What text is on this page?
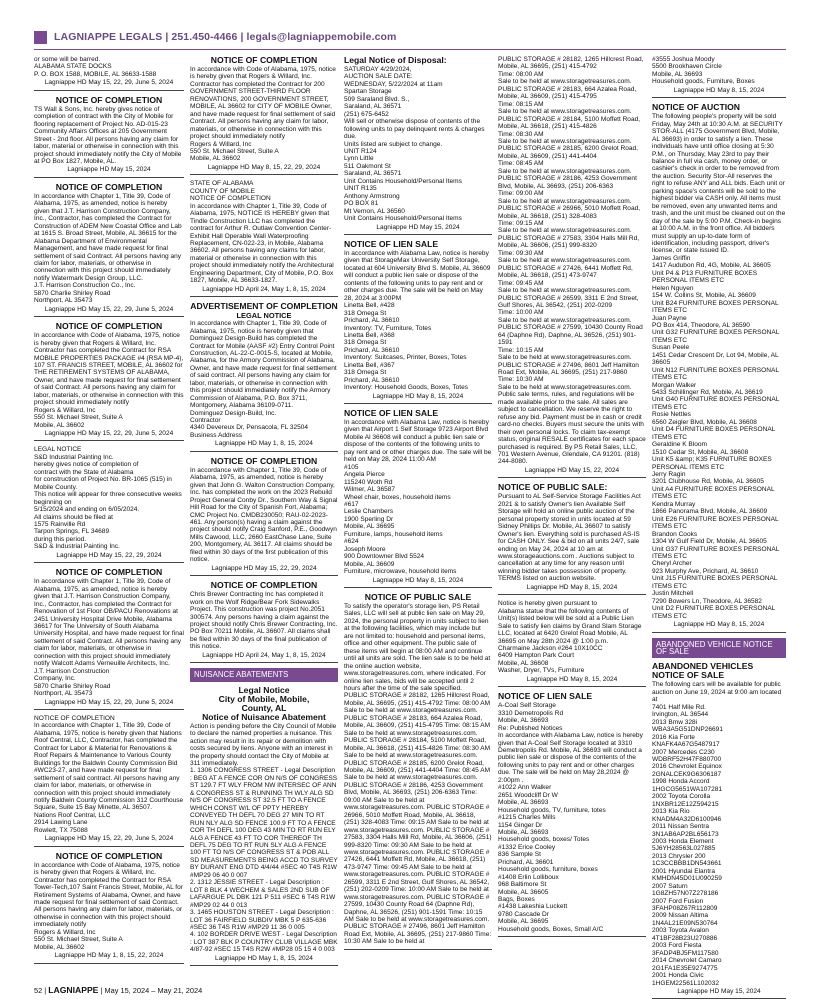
LAGNIAPPE LEGALS | 251.450-4466 | legals@lagniappemobile.com
or some will be barred.
ALABAMA STATE DOCKS
P. O. BOX 1588, MOBILE, AL 36633-1588
Lagniappe HD May 15, 22, 29, June 5, 2024
NOTICE OF COMPLETION
TS Wall & Sons, Inc. hereby gives notice of completion of contract with the City of Mobile for flooring replacement of Project No. AD-015-23 Community Affairs Offices at 205 Government Street - 2nd floor. All persons having any claim for labor, material or otherwise in connection with this project should immediately notify the City of Mobile at PO Box 1827, Mobile, AL.
Lagniappe HD May 15, 2024
NOTICE OF COMPLETION
In accordance with Chapter 1, Title 39, Code of Alabama, 1975, as amended, notice is hereby given that J.T. Harrison Construction Company, Inc., Contractor, has completed the Contract for Construction of ADEM New Coastal Office and Lab at 1615 S. Broad Street, Mobile, AL 36615 for the Alabama Department of Environmental Management, and have made request for final settlement of said Contract. All persons having any claim for labor, materials, or otherwise in connection with this project should immediately notify Watermark Design Group, LLC.
J.T. Harrison Construction Co., Inc.
5870 Charlie Shirley Road
Northport, AL 35473
Lagniappe HD May 15, 22, 29, June 5, 2024
NOTICE OF COMPLETION
In accordance with Code of Alabama, 1975, notice is hereby given that Rogers & Willard, Inc. Contractor has completed the Contract for RSA MOBILE PROPERTIES PACKAGE #4 (RSA MP-4), 107 ST. FRANCIS STREET, MOBILE, AL 36602 for THE RETIREMENT SYSTEMS OF ALABAMA, Owner, and have made request for final settlement of said Contract. All persons having any claim for labor, materials, or otherwise in connection with this project should immediately notify
Rogers & Willard, Inc
550 St. Michael Street, Suite A
Mobile, AL 36602
Lagniappe HD May 15, 22, 29, June 5, 2024
LEGAL NOTICE
S&D Industrial Painting Inc.
hereby gives notice of completion of
contract with the State of Alabama
for construction of Project No. BR-1065 (515) in Mobile County.
This notice will appear for three consecutive weeks beginning on
5/15/2024 and ending on 6/05/2024.
All claims should be filed at
1575 Rainville Rd
Tarpon Springs, FL 34689
during this period.
S&D & Industrial Painting Inc.
Lagniappe HD May 15, 22, 29, 2024
NOTICE OF COMPLETION
In accordance with Chapter 1, Title 39, Code of Alabama, 1975, as amended, notice is hereby given that J.T. Harrison Construction Company, Inc., Contractor, has completed the Contract for Renovation of 1st Floor OB/PACU Renovations at 2451 University Hospital Drive Mobile, Alabama 36617 for The University of South Alabama University Hospital, and have made request for final settlement of said Contract. All persons having any claim for labor, materials, or otherwise in connection with this project should immediately notify Walcott Adams Verneuille Architects, Inc.
J.T. Harrison Construction
Company, Inc.
5870 Charlie Shirley Road
Northport, AL 35473
Lagniappe HD May 15, 22, 29, June 5, 2024
NOTICE OF COMPLETION
In accordance with Chapter 1, Title 39, Code of Alabama, 1975, notice is hereby given that Nations Roof Central, LLC, Contractor, has completed the Contract for Labor & Material for Renovations & Roof Repairs & Maintenance to Various County Buildings for the Baldwin County Commission Bid #WC23-27, and have made request for final settlement of said contract. All persons having any claim for labor, materials, or otherwise in connection with this project should immediately notify Baldwin County Commission 312 Courthouse Square, Suite 15 Bay Minette, AL 36507.
Nations Roof Central, LLC
2914 Lawing Lane
Rowlett, TX 75088
Lagniappe HD May 15, 22, 29, June 5, 2024
NOTICE OF COMPLETION
In accordance with Code of Alabama, 1975, notice is hereby given that Rogers & Willard, Inc. Contractor has completed the Contract for RSA Tower-Tech,107 Saint Francis Street, Mobile, AL for Retirement Systems of Alabama, Owner, and have made request for final settlement of said Contract. All persons having any claim for labor, materials, or otherwise in connection with this project should immediately notify
Rogers & Willard, Inc
550 St. Michael Street, Suite A
Mobile, AL 36602
Lagniappe HD May 1, 8, 15, 22, 2024
NOTICE OF COMPLETION
In accordance with Code of Alabama, 1975, notice is hereby given that Rogers & Willard, Inc. Contractor has completed the Contract for 200 GOVERNMENT STREET-THIRD FLOOR RENOVATIONS, 200 GOVERNMENT STREET, MOBILE, AL 36602 for CITY OF MOBILE Owner, and have made request for final settlement of said Contract. All persons having any claim for labor, materials, or otherwise in connection with this project should immediately notify
Rogers & Willard, Inc
550 St. Michael Street, Suite A
Mobile, AL 36602
Lagniappe HD May 8, 15, 22, 29, 2024
STATE OF ALABAMA
COUNTY OF MOBILE
NOTICE OF COMPLETION
In accordance with Chapter 1, Title 39, Code of Alabama, 1975, NOTICE IS HEREBY given that Tindle Construction LLC has completed the contract for Arthur R. Outlaw Convention Center- Exhibit Hall Operable Wall Waterproofing Replacement, CN-022-23, in Mobile, Alabama 36602. All persons having any claims for labor, material or otherwise in connection with this project should immediately notify the Architectural Engineering Department, City of Mobile, P.O. Box 1827, Mobile, AL 36633-1827.
Lagniappe HD April 24, May 1, 8, 15, 2024
ADVERTISEMENT OF COMPLETION
LEGAL NOTICE
In accordance with Chapter 1, Title 39, Code of Alabama, 1975, notice is hereby given that Dominguez Design-Build has completed the Contract for Mobile (AASF #2) Entry Control Point Construction, AL-22-C-0015-S, located at Mobile, Alabama, for the Armory Commission of Alabama, Owner, and have made request for final settlement of said contract. All persons having any claim for labor, materials, or otherwise in connection with this project should immediately notify the Armory Commission of Alabama, P.O. Box 3711, Montgomery, Alabama 36109-0711.
Dominguez Design-Build, Inc.
Contractor
4340 Devereux Dr, Pensacola, FL 32504
Business Address
Lagniappe HD May 1, 8, 15, 2024
NOTICE OF COMPLETION
In accordance with Chapter 1, Title 39, Code of Alabama, 1975, as amended, notice is hereby given that John G. Walton Construction Company, Inc. has completed the work on the 2023 Rebuild Project General Conby Dr., Southern Way & Signal Hill Road for the City of Spanish Fort, Alabama; CMC Project No. CMDB230050; RAU-02-2023-461. Any person(s) having a claim against the project should notify Craig Sanford, P.E., Goodwyn Mills Cawood, LLC, 2660 EastChase Lane, Suite 200, Montgomery, AL 36117. All claims should be filed within 30 days of the first publication of this notice.
Lagniappe HD May 15, 22, 29, 2024
NOTICE OF COMPLETION
Chris Brewer Contracting Inc has completed it work on the Wolf Ridge/Bear Fork Sidewalks Project. This construction was project No.2051 300574. Any persons having a claim against the project should notify Chris Brewer Contracting, Inc. PO Box 70211 Mobile, AL 36607. All claims shall be filed within 30 days of the final publication of this notice.
Lagniappe HD April 24, May 1, 8, 15, 2024
NUISANCE ABATEMENTS
Legal Notice
City of Mobile, Mobile,
County, AL
Notice of Nuisance Abatement
Action is pending before the City Council of Mobile to declare the named properties a nuisance. This action may result in its repair or demolition with costs secured by liens. Anyone with an interest in the property should contact the City of Mobile at 311 immediately.
1. 1306 CONGRESS STREET - Legal Description : BEG AT A FENCE COR ON N/S OF CONGRESS ST 129.7 FT WLY FROM NW INTERSEC OF ANN & CONGRESS ST & RUNNING TH WLY ALG SD N/S OF CONGRESS ST 32.5 FT TO A FENCE WHICH CONST W/L OF PPTY HEREBY CONVEYED TH DEFL 70 DEG 27 MIN TO RT RUN NLY ALG SD FENCE 100.9 FT TO A FENCE COR TH DEFL 100 DEG 43 MIN TO RT RUN ELY ALG A FENCE 43 FT TO COR THEREOF TH DEFL 75 DEG TO RT RUN SLY ALG A FENCE 100 FT TO N/S OF CONGRESS ST & POB ALL SD MEASUREMENTS BEING ACCD TO SURVEY BY DURANT ENG DTD 4/4/44 #SEC 40 T4S R1W #MP29 06 40 0 007
2. 1312 JESSIE STREET - Legal Description : LOT 8 BLK 4 WECHEM & SALES 2ND SUB OF LAFARGUE PL DBK 121 P 511 #SEC 6 T4S R1W #MP29 02 44 0 013
3. 1465 HOUSTON STREET - Legal Description : LOT 36 FAIRFIELD SUBDIV MBK 5 P 635-636 #SEC 36 T4S R1W #MP29 11 36 0 005
4. 102 BORDER DRIVE WEST - Legal Description : LOT 387 BLK P COUNTRY CLUB VILLAGE MBK 4/87-92 #SEC 15 T4S R2W #MP28 05 15 4 0 003
Lagniappe HD May 1, 8, 15, 2024
Legal Notice of Disposal:
SATURDAY 4/29/2024,
AUCTION SALE DATE:
WEDNESDAY, 5/22/2024 at 11am
Spartan Storage
509 Saraland Blvd. S.,
Saraland, AL 36571
(251) 675-6452
Will sell or otherwise dispose of contents of the following units to pay delinquent rents & charges due.
Units listed are subject to change.
UNIT R124
Lynn Little
511 Oakmont St
Saraland, AL 36571
Unit Contains Household/Personal Items
UNIT R135
Anthony Armstrong
PO BOX 81
Mt Vernon, AL 36560
Unit Contains Household/Personal Items
Lagniappe HD May 15, 2024
NOTICE OF LIEN SALE
In accordance with Alabama Law, notice is hereby given that StorageMax University Self Storage, located at 604 University Blvd S. Mobile, AL 36609 will conduct a public lien sale or dispose of the contents of the following units to pay rent and or other charges due. The sale will be held on May 28, 2024 at 3:00PM
Linetta Bell, #428
318 Omega St
Prichard, AL 36610
Inventory: TV, Furniture, Totes
Linetta Bell, #368
318 Omega St
Prichard, AL 36610
Inventory: Suitcases, Printer, Boxes, Totes
Linetta Bell, #367
318 Omega St
Prichard, AL 36610
Inventory: Household Goods, Boxes, Totes
Lagniappe HD May 8, 15, 2024
NOTICE OF LIEN SALE
In accordance with Alabama Law, notice is hereby given that Airport 1 Self Storage 9723 Airport Blvd Mobile Al 36608 will conduct a public lien sale or dispose of the contents of the following units to pay rent and or other charges due. The sale will be held on May 28, 2024 11:00 AM
#105
Angela Pierce
115240 Woth Rd
Wilmer, AL 36587
Wheel chair, boxes, household items
#617
Leslie Chambers
1900 Sperling Dr
Mobile, AL 36695
Furniture, lamps, household items
#624
Joseph Moore
900 Downtowner Blvd 5524
Mobile, AL 36609
Furniture, microwave, household items
Lagniappe HD May 8, 15, 2024
NOTICE OF PUBLIC SALE
To satisfy the operator's storage lien, PS Retail Sales, LLC will sell at public lien sale on May 29, 2024, the personal property in units subject to lien at the following facilities, which may include but are not limited to: household and personal items, office and other equipment. The public sale of these items will begin at 08:00 AM and continue until all units are sold. The lien sale is to be held at the online auction website, www.storagetreasures.com, where indicated. For online lien sales, bids will be accepted until 2 hours after the time of the sale specified.
PUBLIC STORAGE # 28182, 1265 Hillcrest Road, Mobile, AL 36695, (251) 415-4792 Time: 08:00 AM Sale to be held at www.storagetreasures.com. PUBLIC STORAGE # 28183, 664 Azalea Road, Mobile, AL 36609, (251) 415-4795 Time: 08:15 AM Sale to be held at www.storagetreasures.com. PUBLIC STORAGE # 28184, 5100 Moffett Road, Mobile, AL 36618, (251) 415-4826 Time: 08:30 AM Sale to be held at www.storagetreasures.com. PUBLIC STORAGE # 28185, 6200 Grelot Road, Mobile, AL 36609, (251) 441-4404 Time: 08:45 AM Sale to be held at www.storagetreasures.com. PUBLIC STORAGE # 28186, 4253 Government Blvd, Mobile, AL 36693, (251) 206-6363 Time: 09:00 AM Sale to be held at www.storagetreasures.com. PUBLIC STORAGE # 26966, 5010 Moffett Road, Mobile, AL 36618, (251) 328-4083 Time: 09:15 AM Sale to be held at www.storagetreasures.com. PUBLIC STORAGE # 27583, 3304 Halls Mill Rd, Mobile, AL 36606, (251) 999-8320 Time: 09:30 AM Sale to be held at www.storagetreasures.com. PUBLIC STORAGE # 27426, 6441 Moffett Rd, Mobile, AL 36618, (251) 473-9747 Time: 09:45 AM Sale to be held at www.storagetreasures.com. PUBLIC STORAGE # 26599, 3311 E 2nd Street, Gulf Shores, AL 36542, (251) 202-0209 Time: 10:00 AM Sale to be held at www.storagetreasures.com. PUBLIC STORAGE # 27599, 10430 County Road 64 (Daphne Rd), Daphne, AL 36526, (251) 901-1591 Time: 10:15 AM Sale to be held at www.storagetreasures.com. PUBLIC STORAGE # 27496, 8601 Jeff Hamilton Road Ext, Mobile, AL 36695, (251) 217-9860 Time: 10:30 AM Sale to be held at
PUBLIC STORAGE # 28182, 1265 Hillcrest Road, Mobile, AL 36695, (251) 415-4792
Time: 08:00 AM
Sale to be held at www.storagetreasures.com.
PUBLIC STORAGE # 28183, 664 Azalea Road, Mobile, AL 36609, (251) 415-4795
Time: 08:15 AM
Sale to be held at www.storagetreasures.com.
PUBLIC STORAGE # 28184, 5100 Moffett Road, Mobile, AL 36618, (251) 415-4826
Time: 08:30 AM
Sale to be held at www.storagetreasures.com.
PUBLIC STORAGE # 28185, 6200 Grelot Road, Mobile, AL 36609, (251) 441-4404
Time: 08:45 AM
Sale to be held at www.storagetreasures.com.
PUBLIC STORAGE # 28186, 4253 Government Blvd, Mobile, AL 36693, (251) 206-6363
Time: 09:00 AM
Sale to be held at www.storagetreasures.com.
PUBLIC STORAGE # 26966, 5010 Moffett Road, Mobile, AL 36618, (251) 328-4083
Time: 09:15 AM
Sale to be held at www.storagetreasures.com.
PUBLIC STORAGE # 27583, 3304 Halls Mill Rd, Mobile, AL 36606, (251) 999-8320
Time: 09:30 AM
Sale to be held at www.storagetreasures.com.
PUBLIC STORAGE # 27426, 6441 Moffett Rd, Mobile, AL 36618, (251) 473-9747
Time: 09:45 AM
Sale to be held at www.storagetreasures.com.
PUBLIC STORAGE # 26599, 3311 E 2nd Street, Gulf Shores, AL 36542, (251) 202-0209
Time: 10:00 AM
Sale to be held at www.storagetreasures.com.
PUBLIC STORAGE # 27599, 10430 County Road 64 (Daphne Rd), Daphne, AL 36526, (251) 901-1591
Time: 10:15 AM
Sale to be held at www.storagetreasures.com.
PUBLIC STORAGE # 27496, 8601 Jeff Hamilton Road Ext, Mobile, AL 36695, (251) 217-9860
Time: 10:30 AM
Sale to be held at www.storagetreasures.com.
Public sale terms, rules, and regulations will be made available prior to the sale. All sales are subject to cancellation. We reserve the right to refuse any bid. Payment must be in cash or credit card-no checks. Buyers must secure the units with their own personal locks. To claim tax-exempt status, original RESALE certificates for each space purchased is required. By PS Retail Sales, LLC, 701 Western Avenue, Glendale, CA 91201. (818) 244-8080.
Lagniappe HD May 15, 22, 2024
NOTICE OF PUBLIC SALE:
Pursuant to AL Self-Service Storage Facilities Act 2021 & to satisfy Owner's lien Available Self Storage will hold an online public auction of the personal property stored in units located at 59 Sidney Phillips Dr. Mobile, AL 36607 to satisfy Owner's lien. Everything sold is purchased AS-IS for CASH ONLY. See & bid on all units 24/7, sale ending on May 24, 2024 at 10 am at www.storageauctions.com . Auctions subject to cancellation at any time for any reason until winning bidder takes possession of property. TERMS listed on auction website.
Lagniappe HD May 8, 15, 2024
Notice is hereby given pursuant to
Alabama statue that the following contents of Unit(s) listed below will be sold at a Public Lien Sale to satisfy lien claims by Grand Slam Storage LLC, located at 6420 Grelot Road Mobile, AL 36695 on May 28th 2024 @ 1:00 p.m.
Charmaine Jackson #264 10X10CC
6409 Hampton Park Court
Mobile, AL 36608
Washer, Dryer, TVs, Furniture
Lagniappe HD May 8, 15, 2024
NOTICE OF LIEN SALE
A-Coal Self Storage
3310 Demetropolis Rd
Mobile, AL 36693
Re: Published Notices
In accordance with Alabama Law, notice is hereby given that A-Coal Self Storage located at 3310 Demetropolis Rd. Mobile, AL 36693 will conduct a public lien sale or dispose of the contents of the following units to pay rent and or other charges due. The sale will be held on May 28,2024 @ 2:00pm .
#1022 Ann Walker
2651 Woodcliff Dr W
Mobile, AL 36693
Household goods, TV, furniture, totes
#1215 Charles Mills
1154 Ginger Dr
Mobile, AL 36693
Household goods, boxes/ Totes
#1332 Erice Cooley
836 Sample St
Prichard, AL 36601
Household goods, furniture, boxes
#1408 Erlin Lolliboux
968 Baltimore St
Mobile, AL 36605
Bags, Boxes
#1438 Lakeshia Luckett
9780 Cascade Dr
Mobile, AL 36695
Household goods, Boxes, Small A/C
#3555 Joshua Moody
5500 Brookhaven Circle
Mobile, AL 36693
Household goods, Furniture, Boxes
Lagniappe HD May 8, 15, 2024
NOTICE OF AUCTION
The following people's property will be sold Friday, May 24th at 10:30 A.M. at SECURITY STOR-ALL (4175 Government Blvd, Mobile, AL 36693) in order to satisfy a lien. These individuals have until office closing at 5:30 P.M., on Thursday, May 23rd to pay their balance in full via cash, money order, or cashier's check in order to be removed from the auction. Security Stor-All reserves the right to refuse ANY and ALL bids. Each unit or parking space's contents will be sold to the highest bidder via CASH only. All items must be removed, even any unwanted items and trash, and the unit must be cleaned out on the day of the sale by 5:00 P.M. Check-in begins at 10:00 A.M. in the front office. All bidders must supply an up-to-date form of identification, including passport, driver's license, or state issued ID.
James Griffin
1417 Audubon Rd, 4G, Mobile, AL 36605
Unit P4 & P13 FURNITURE BOXES PERSONAL ITEMS ETC
Helen Nguyen
154 W. Collins St, Mobile, AL 36609
Unit B24 FURNITURE BOXES PERSONAL ITEMS ETC
Juan Payne
PO Box 414, Theodore, AL 36590
Unit G32 FURNITURE BOXES PERSONAL ITEMS ETC
Susan Peele
1451 Cedar Crescent Dr, Lot 94, Mobile, AL 36605
Unit N12 FURNITURE BOXES PERSONAL ITEMS ETC
Morgan Walker
5433 Schillinger Rd, Mobile, AL 36619
Unit G40 FURNITURE BOXES PERSONAL ITEMS ETC
Rosie Nettles
6560 Zeigler Blvd, Mobile, AL 36608
Unit D4 FURNITURE BOXES PERSONAL ITEMS ETC
Geraldine K Bloom
1510 Cedar St, Mobile, AL 36608
Unit K5 &amp; K35 FURNITURE BOXES PERSONAL ITEMS ETC
Jerry Ragin
3201 Clubhouse Rd, Mobile, AL 36605
Unit A4 FURNITURE BOXES PERSONAL ITEMS ETC
Kendra Murray
1866 Panorama Blvd, Mobile, AL 36609
Unit E26 FURNITURE BOXES PERSONAL ITEMS ETC
Brandon Cooks
1304 W Gulf Field Dr, Mobile, AL 36605
Unit G37 FURNITURE BOXES PERSONAL ITEMS ETC
Cheryl Archer
923 Murphy Ave, Prichard, AL 36610
Unit J15 FURNITURE BOXES PERSONAL ITEMS ETC
Justin Mitchell
7290 Bowers Ln, Theodore, AL 36582
Unit D2 FURNITURE BOXES PERSONAL ITEMS ETC
Lagniappe HD May 8, 15, 2024
ABANDONED VEHICLE NOTICE OF SALE
ABANDONED VEHICLES
NOTICE OF SALE
The following cars will be available for public auction on June 19, 2024 at 9:00 am located at
7401 Half Mile Rd.
Irvington, AL 36544
2013 Bmw 328i
WBA3A5G51DNP26691
2016 Kia Forte
KNAFK4A67G5487917
2007 Mercedes C230
WDBRF52H47F880700
2016 Chevrolet Equinox
2GNALCEK9G6306187
1998 Honda Accord
1HGCG5651WA107281
2002 Toyota Corolla
1NXBR12E12Z594215
2013 Kia Rio
KNADM4A32D6100946
2011 Nissan Sentra
3N1AB6AP2BL656173
2003 Honda Element
5J6YH28563L027885
2013 Chrysler 200
1C3CCBBB1DN543661
2001 Hyundai Elantra
KMHDN45D01U090259
2007 Saturn
1G8ZH57N07Z278186
2007 Ford Fusion
3FAHP08Z67R112809
2009 Nissan Altima
1N4AL21E09N530764
2003 Toyota Avalon
4T1BF28B23U270886
2003 Ford Fiesta
3FADP4BJ5FM117580
2014 Chevrolet Camaro
2G1FA1E35E9274775
2001 Honda Civic
1HGEM22561L102032
Lagniappe HD May 15, 2024
52 | LAGNIAPPE | May 15, 2024 – May 21, 2024
